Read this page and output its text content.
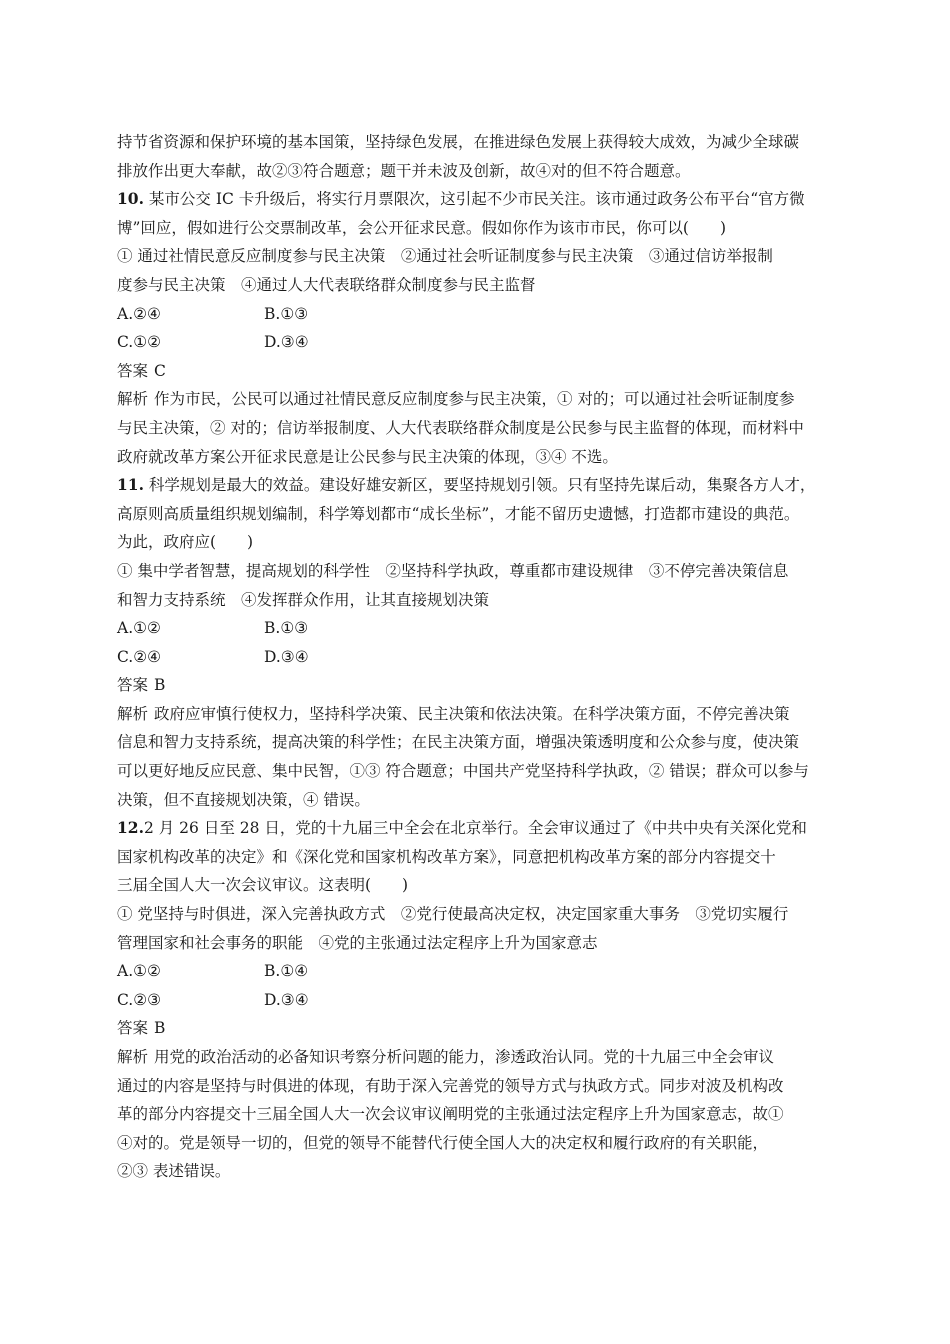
持节省资源和保护环境的基本国策，坚持绿色发展，在推进绿色发展上获得较大成效，为减少全球碳
排放作出更大奉献，故②③符合题意；题干并未波及创新，故④对的但不符合题意。
10. 某市公交 IC 卡升级后，将实行月票限次，这引起不少市民关注。该市通过政务公布平台“官方微
博”回应，假如进行公交票制改革，会公开征求民意。假如你作为该市市民，你可以(　　)
① 通过社情民意反应制度参与民主决策　②通过社会听证制度参与民主决策　③通过信访举报制
度参与民主决策　④通过人大代表联络群众制度参与民主监督
A.②④	B.①③
C.①②	D.③④
答案 C
解析 作为市民，公民可以通过社情民意反应制度参与民主决策，① 对的；可以通过社会听证制度参
与民主决策，② 对的；信访举报制度、人大代表联络群众制度是公民参与民主监督的体现，而材料中
政府就改革方案公开征求民意是让公民参与民主决策的体现，③④ 不选。
11. 科学规划是最大的效益。建设好雄安新区，要坚持规划引领。只有坚持先谋后动，集聚各方人才，
高原则高质量组织规划编制，科学筹划都市“成长坐标”，才能不留历史遗憾，打造都市建设的典范。
为此，政府应(　　)
① 集中学者智慧，提高规划的科学性　②坚持科学执政，尊重都市建设规律　③不停完善决策信息
和智力支持系统　④发挥群众作用，让其直接规划决策
A.①②	B.①③
C.②④	D.③④
答案 B
解析 政府应审慎行使权力，坚持科学决策、民主决策和依法决策。在科学决策方面，不停完善决策
信息和智力支持系统，提高决策的科学性；在民主决策方面，增强决策透明度和公众参与度，使决策
可以更好地反应民意、集中民智，①③ 符合题意；中国共产党坚持科学执政，② 错误；群众可以参与
决策，但不直接规划决策，④ 错误。
12.2 月 26 日至 28 日，党的十九届三中全会在北京举行。全会审议通过了《中共中央有关深化党和
国家机构改革的决定》和《深化党和国家机构改革方案》，同意把机构改革方案的部分内容提交十
三届全国人大一次会议审议。这表明(　　)
① 党坚持与时俱进，深入完善执政方式　②党行使最高决定权，决定国家重大事务　③党切实履行
管理国家和社会事务的职能　④党的主张通过法定程序上升为国家意志
A.①②	B.①④
C.②③	D.③④
答案 B
解析 用党的政治活动的必备知识考察分析问题的能力，渗透政治认同。党的十九届三中全会审议
通过的内容是坚持与时俱进的体现，有助于深入完善党的领导方式与执政方式。同步对波及机构改
革的部分内容提交十三届全国人大一次会议审议阐明党的主张通过法定程序上升为国家意志，故①
④对的。党是领导一切的，但党的领导不能替代行使全国人大的决定权和履行政府的有关职能，
②③ 表述错误。
